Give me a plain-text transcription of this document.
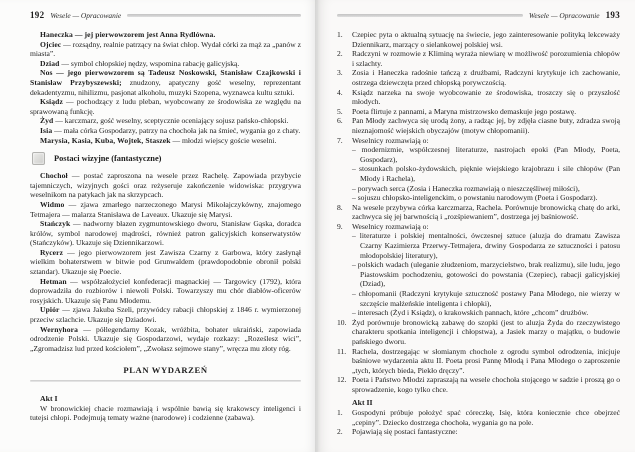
192 Wesele — Opracowanie

Haneczka — jej pierwowzorem jest Anna Rydlówna.

Ojciec — rozsądny, realnie patrzący na świat chłop. Wydał córki za mąż za „panów z miasta”.

Dziad — symbol chłopskiej nędzy, wspomina rabację galicyjską.

Nos — jego pierwowzorem są Tadeusz Noskowski, Stanisław Czajkowski i Stanisław Przybyszewski; znudzony, apatyczny gość weselny, reprezentant dekadentyzmu, nihilizmu, pasjonat alkoholu, muzyki Szopena, wyznawca kultu sztuki.

Ksiądz — pochodzący z ludu pleban, wyobcowany ze środowiska ze względu na sprawowaną funkcję.

Żyd — karczmarz, gość weselny, sceptycznie oceniający sojusz pańsko-chłopski.

Isia — mała córka Gospodarzy, patrzy na chochoła jak na śmieć, wygania go z chaty.

Marysia, Kasia, Kuba, Wojtek, Staszek — młodzi wiejscy goście weselni.

Postaci wizyjne (fantastyczne)

Chochoł — postać zaproszona na wesele przez Rachelę. Zapowiada przybycie tajemniczych, wizyjnych gości oraz reżyseruje zakończenie widowiska: przygrywa weselnikom na patykach jak na skrzypcach.

Widmo — zjawa zmarłego narzeczonego Marysi Mikołajczykówny, znajomego Tetmajera — malarza Stanisława de Laveaux. Ukazuje się Marysi.

Stańczyk — nadworny błazen zygmuntowskiego dworu, Stanisław Gąska, doradca królów, symbol narodowej mądrości, również patron galicyjskich konserwatystów (Stańczyków). Ukazuje się Dziennikarzowi.

Rycerz — jego pierwowzorem jest Zawisza Czarny z Garbowa, który zasłynął wielkim bohaterstwem w bitwie pod Grunwaldem (prawdopodobnie obronił polski sztandar). Ukazuje się Poecie.

Hetman — współzałożyciel konfederacji magnackiej — Targowicy (1792), która doprowadziła do rozbiorów i niewoli Polski. Towarzyszy mu chór diabłów-oficerów rosyjskich. Ukazuje się Panu Młodemu.

Upiór — zjawa Jakuba Szeli, przywódcy rabacji chłopskiej z 1846 r. wymierzonej przeciw szlachcie. Ukazuje się Dziadowi.

Wernyhora — półlegendarny Kozak, wróżbita, bohater ukraiński, zapowiada odrodzenie Polski. Ukazuje się Gospodarzowi, wydaje rozkazy: „Roześlesz wici”, „Zgromadzisz lud przed kościołem”, „Zwołasz sejmowe stany”, wręcza mu złoty róg.

PLAN WYDARZEŃ
Akt I

W bronowickiej chacie rozmawiają i wspólnie bawią się krakowscy inteligenci i tutejsi chłopi. Podejmują tematy ważne (narodowe) i codzienne (zabawa).

Wesele — Opracowanie 193
1.	Czepiec pyta o aktualną sytuację na świecie, jego zainteresowanie polityką lekceważy Dziennikarz, marzący o sielankowej polskiej wsi.
2.	Radczyni w rozmowie z Kliminą wyraża niewiarę w możliwość porozumienia chłopów i szlachty.
3.	Zosia i Haneczka radośnie tańczą z drużbami, Radczyni krytykuje ich zachowanie, ostrzega dziewczęta przed chłopską porywczością.
4.	Ksiądz narzeka na swoje wyobcowanie ze środowiska, troszczy się o przyszłość młodych.
5.	Poeta flirtuje z pannami, a Maryna mistrzowsko demaskuje jego postawę.
6.	Pan Młody zachwyca się urodą żony, a radząc jej, by zdjęła ciasne buty, zdradza swoją nieznajomość wiejskich obyczajów (motyw chłopomanii).
7.	Weselnicy rozmawiają o:
– modernizmie, współczesnej literaturze, nastrojach epoki (Pan Młody, Poeta, Gospodarz),
– stosunkach polsko-żydowskich, pięknie wiejskiego krajobrazu i sile chłopów (Pan Młody i Rachela),
– porywach serca (Zosia i Haneczka rozmawiają o nieszczęśliwej miłości),
– sojuszu chłopsko-inteligenckim, o powstaniu narodowym (Poeta i Gospodarz).
8.	Na wesele przybywa córka karczmarza, Rachela. Porównuje bronowicką chatę do arki, zachwyca się jej barwnością i „rozśpiewaniem”, dostrzega jej baśniowość.
9.	Weselnicy rozmawiają o:
– literaturze i polskiej mentalności, ówczesnej sztuce (aluzja do dramatu Zawisza Czarny Kazimierza Przerwy-Tetmajera, drwiny Gospodarza ze sztuczności i patosu młodopolskiej literatury),
– polskich wadach (uleganie złudzeniom, marzycielstwo, brak realizmu), sile ludu, jego Piastowskim pochodzeniu, gotowości do powstania (Czepiec), rabacji galicyjskiej (Dziad),
– chłopomanii (Radczyni krytykuje sztuczność postawy Pana Młodego, nie wierzy w szczęście małżeńskie inteligenta i chłopki),
– interesach (Żyd i Ksiądz), o krakowskich pannach, które „chcom” drużbów.
10. Żyd porównuje bronowicką zabawę do szopki (jest to aluzja Żyda do rzeczywistego charakteru spotkania inteligencji i chłopstwa), a Jasiek marzy o majątku, o budowie pańskiego dworu.
11. Rachela, dostrzegając w słomianym chochole z ogrodu symbol odrodzenia, inicjuje baśniowe wydarzenia aktu II. Poeta prosi Pannę Młodą i Pana Młodego o zaproszenie „tych, których bieda, Piekło dręczy”.
12. Poeta i Państwo Młodzi zapraszają na wesele chochoła stojącego w sadzie i proszą go o sprowadzenie, kogo tylko chce.
Akt II
1.	Gospodyni próbuje położyć spać córeczkę, Isię, która koniecznie chce obejrzeć „cepiny”. Dziecko dostrzega chochoła, wygania go na pole.
2.	Pojawiają się postaci fantastyczne:
